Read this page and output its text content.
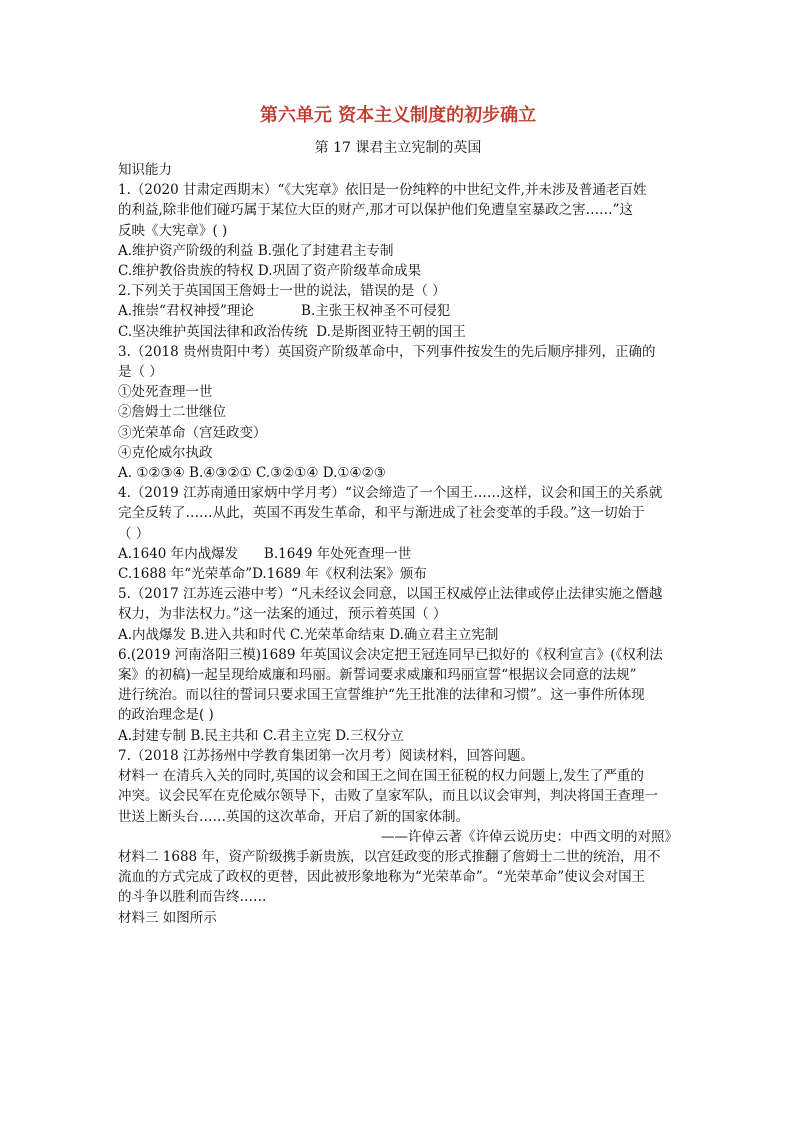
第六单元 资本主义制度的初步确立

第 17 课君主立宪制的英国

知识能力

1.（2020 甘肃定西期末）“《大宪章》依旧是一份纯粹的中世纪文件,并未涉及普通老百姓

的利益,除非他们碰巧属于某位大臣的财产,那才可以保护他们免遭皇室暴政之害……”这

反映《大宪章》( )

A.维护资产阶级的利益 B.强化了封建君主专制

C.维护教俗贵族的特权 D.巩固了资产阶级革命成果

2.下列关于英国国王詹姆士一世的说法，错误的是（ ）

A.推崇“君权神授”理论           B.主张王权神圣不可侵犯

C.坚决维护英国法律和政治传统  D.是斯图亚特王朝的国王

3.（2018 贵州贵阳中考）英国资产阶级革命中，下列事件按发生的先后顺序排列，正确的

是（ ）

①处死查理一世

②詹姆士二世继位

③光荣革命（宫廷政变）

④克伦威尔执政

A. ①②③④ B.④③②① C.③②①④ D.①④②③

4.（2019 江苏南通田家炳中学月考）“议会缔造了一个国王……这样，议会和国王的关系就

完全反转了……从此，英国不再发生革命，和平与渐进成了社会变革的手段。”这一切始于

（ ）

A.1640 年内战爆发      B.1649 年处死查理一世

C.1688 年“光荣革命”D.1689 年《权利法案》颁布

5.（2017 江苏连云港中考）“凡未经议会同意，以国王权威停止法律或停止法律实施之僭越

权力，为非法权力。”这一法案的通过，预示着英国（ ）

A.内战爆发 B.进入共和时代 C.光荣革命结束 D.确立君主立宪制

6.(2019 河南洛阳三模)1689 年英国议会决定把王冠连同早已拟好的《权利宣言》(《权利法

案》的初稿)一起呈现给威廉和玛丽。新誓词要求威廉和玛丽宣誓“根据议会同意的法规”

进行统治。而以往的誓词只要求国王宣誓维护“先王批准的法律和习惯”。这一事件所体现

的政治理念是( )

A.封建专制 B.民主共和 C.君主立宪 D.三权分立

7.（2018 江苏扬州中学教育集团第一次月考）阅读材料，回答问题。

材料一 在清兵入关的同时,英国的议会和国王之间在国王征税的权力问题上,发生了严重的

冲突。议会民军在克伦威尔领导下，击败了皇家军队，而且以议会审判，判决将国王查理一

世送上断头台……英国的这次革命，开启了新的国家体制。

——许倬云著《许倬云说历史：中西文明的对照》

材料二 1688 年，资产阶级携手新贵族，以宫廷政变的形式推翻了詹姆士二世的统治，用不

流血的方式完成了政权的更替，因此被形象地称为“光荣革命”。“光荣革命”使议会对国王

的斗争以胜利而告终……

材料三 如图所示
